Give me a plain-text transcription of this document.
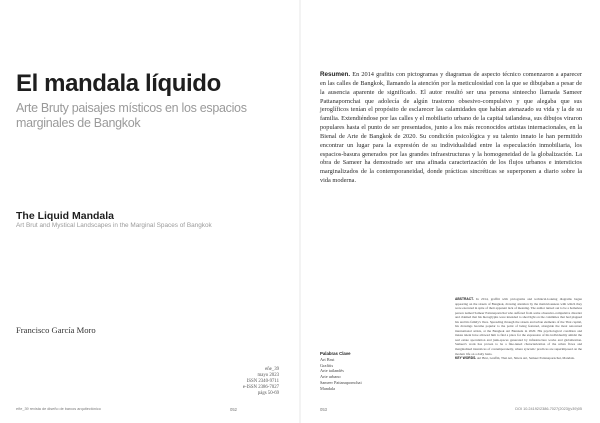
El mandala líquido
Arte Bruty paisajes místicos en los espacios marginales de Bangkok
The Liquid Mandala
Art Brut and Mystical Landscapes in the Marginal Spaces of Bangkok
Francisco García Moro
eñe_39
mayo 2023
ISSN 2340-9711
e-ISSN 2386-7027
págs 50-69
eñe_39 revista de diseño de barcos arquitectónico	052
Resumen. En 2014 grafitis con pictogramas y diagramas de aspecto técnico comenzaron a aparecer en las calles de Bangkok, llamando la atención por la meticulosidad con la que se dibujaban a pesar de la ausencia aparente de significado. El autor resultó ser una persona sinteecho llamada Sameer Pattanapornchai que adolecía de algún trastorno obsesivo-compulsivo y que alegaba que sus jeroglíficos tenían el propósito de esclarecer las calamidades que habían atenazado su vida y la de su familia. Extendiéndose por las calles y el mobiliario urbano de la capital tailandesa, sus dibujos viraron populares hasta el punto de ser presentados, junto a los más reconocidos artistas internacionales, en la Bienal de Arte de Bangkok de 2020. Su condición psicológica y su talento innato le han permitido encontrar un lugar para la expresión de su individualidad entre la especulación inmobiliaria, los espacios-basura generados por las grandes infraestructuras y la homogeneidad de la globalización. La obra de Sameer ha demostrado ser una afinada caracterización de los flujos urbanos e intersticios marginalizados de la contemporaneidad, donde prácticas sincréticas se superponen a diario sobre la vida moderna.
ABSTRACT. In 2014, graffiti with pictograms and technical-looking diagrams began appearing on the streets of Bangkok, drawing attention by the meticulousness with which they were executed in spite of their apparent lack of meaning. The author turned out to be a homeless person named Sameer Pattanapornchai who suffered from some obsessive-compulsive disorder and claimed that his hieroglyphs were intended to shed light on the calamities that had plagued his and his family's lives. Spreading through the streets and urban elements of the Thai capital, his drawings became popular to the point of being featured, alongside the most renowned international artists, at the Bangkok Art Biennale in 2020. His psychological condition and innate talent have allowed him to find a place for the expression of his individuality amidst the real estate speculation and junk-spaces generated by infrastructure works and globalization. Sameer's work has proven to be a fine-tuned characterization of the urban flows and marginalized interstices of contemporaneity, where syncretic practices are superimposed on the modern life on a daily basis.
KEY WORDS. Art Brut, Graffiti, Thai Art, Sitters Art, Sameer Pattanapornchai, Mandala.
Palabras Clave
Art Brut
Grafitis
Arte tailandés
Arte urbano
Sameer Pattanapornchai
Mandala
053	DOI 10.24192/2386-7027(2023)(v39)05
